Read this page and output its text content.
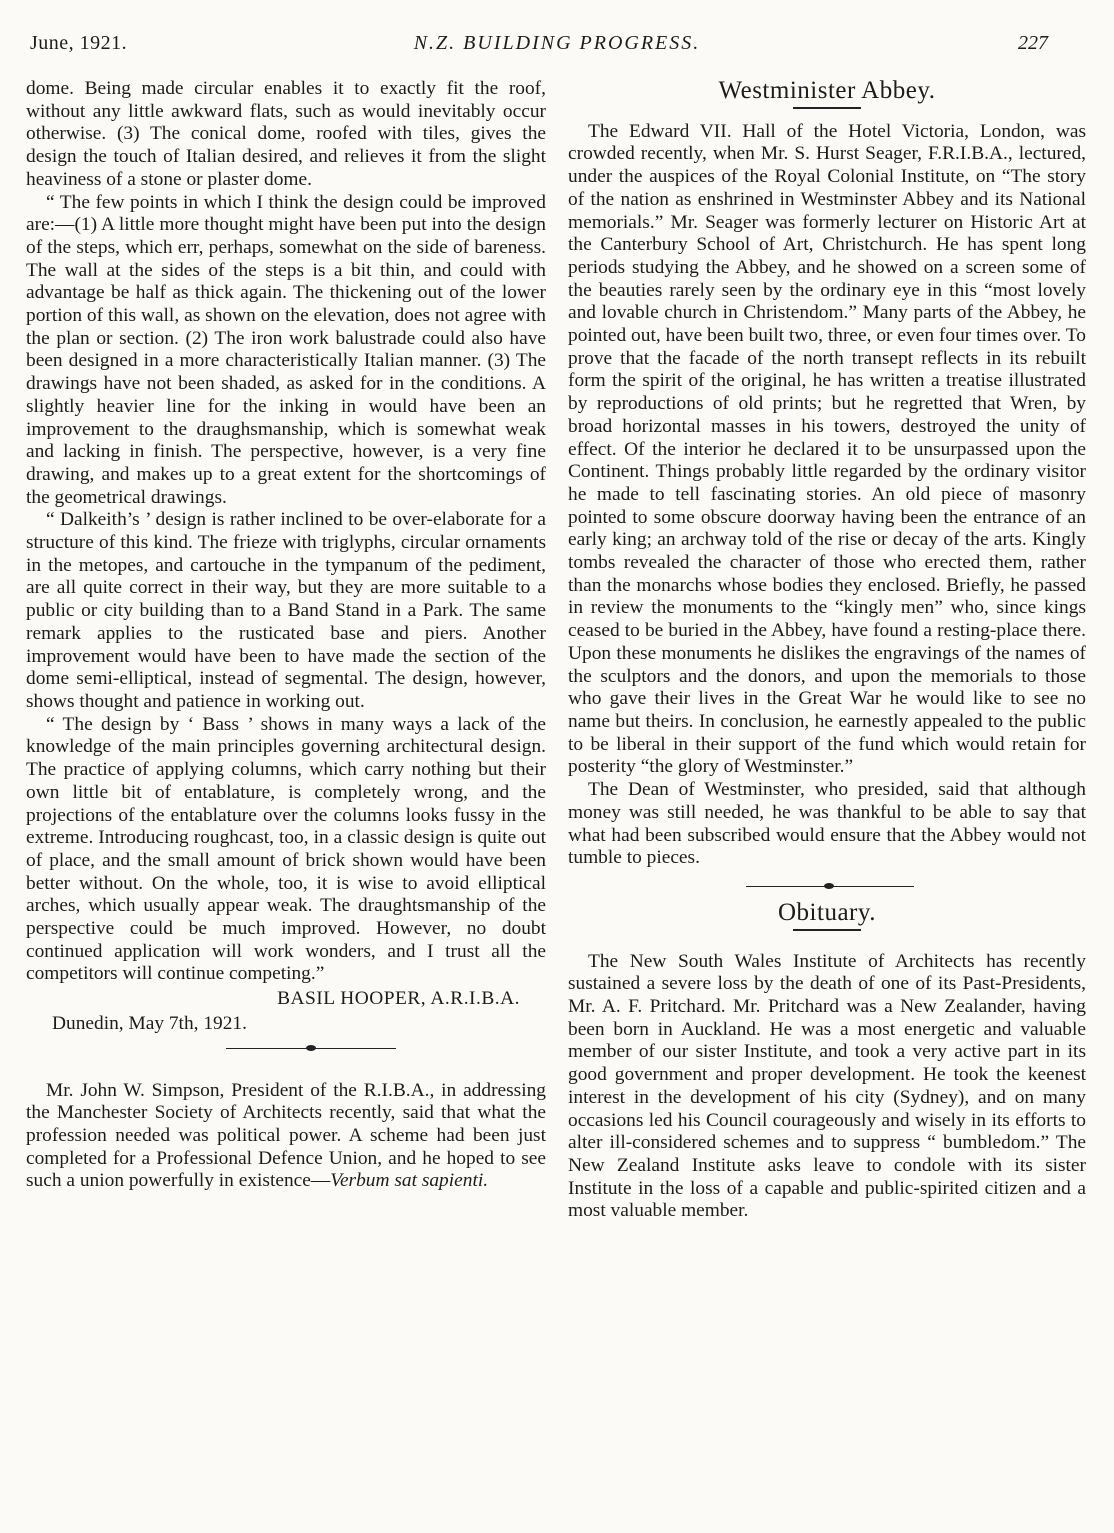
June, 1921.	N.Z. BUILDING PROGRESS.	227

dome. Being made circular enables it to exactly fit the roof, without any little awkward flats, such as would inevitably occur otherwise. (3) The conical dome, roofed with tiles, gives the design the touch of Italian desired, and relieves it from the slight heaviness of a stone or plaster dome.

“ The few points in which I think the design could be improved are:—(1) A little more thought might have been put into the design of the steps, which err, perhaps, somewhat on the side of bareness. The wall at the sides of the steps is a bit thin, and could with advantage be half as thick again. The thickening out of the lower portion of this wall, as shown on the elevation, does not agree with the plan or section. (2) The iron work balustrade could also have been designed in a more characteristically Italian manner. (3) The drawings have not been shaded, as asked for in the conditions. A slightly heavier line for the inking in would have been an improvement to the draughsmanship, which is somewhat weak and lacking in finish. The perspective, however, is a very fine drawing, and makes up to a great extent for the shortcomings of the geometrical drawings.

“ Dalkeith’s ’ design is rather inclined to be over-elaborate for a structure of this kind. The frieze with triglyphs, circular ornaments in the metopes, and cartouche in the tympanum of the pediment, are all quite correct in their way, but they are more suitable to a public or city building than to a Band Stand in a Park. The same remark applies to the rusticated base and piers. Another improvement would have been to have made the section of the dome semi-elliptical, instead of segmental. The design, however, shows thought and patience in working out.

“ The design by ‘ Bass ’ shows in many ways a lack of the knowledge of the main principles governing architectural design. The practice of applying columns, which carry nothing but their own little bit of entablature, is completely wrong, and the projections of the entablature over the columns looks fussy in the extreme. Introducing roughcast, too, in a classic design is quite out of place, and the small amount of brick shown would have been better without. On the whole, too, it is wise to avoid elliptical arches, which usually appear weak. The draughtsmanship of the perspective could be much improved. However, no doubt continued application will work wonders, and I trust all the competitors will continue competing.”

BASIL HOOPER, A.R.I.B.A.
Dunedin, May 7th, 1921.

Mr. John W. Simpson, President of the R.I.B.A., in addressing the Manchester Society of Architects recently, said that what the profession needed was political power. A scheme had been just completed for a Professional Defence Union, and he hoped to see such a union powerfully in existence—Verbum sat sapienti.

Westminister Abbey.

The Edward VII. Hall of the Hotel Victoria, London, was crowded recently, when Mr. S. Hurst Seager, F.R.I.B.A., lectured, under the auspices of the Royal Colonial Institute, on “The story of the nation as enshrined in Westminster Abbey and its National memorials.” Mr. Seager was formerly lecturer on Historic Art at the Canterbury School of Art, Christchurch. He has spent long periods studying the Abbey, and he showed on a screen some of the beauties rarely seen by the ordinary eye in this “most lovely and lovable church in Christendom.” Many parts of the Abbey, he pointed out, have been built two, three, or even four times over. To prove that the facade of the north transept reflects in its rebuilt form the spirit of the original, he has written a treatise illustrated by reproductions of old prints; but he regretted that Wren, by broad horizontal masses in his towers, destroyed the unity of effect. Of the interior he declared it to be unsurpassed upon the Continent. Things probably little regarded by the ordinary visitor he made to tell fascinating stories. An old piece of masonry pointed to some obscure doorway having been the entrance of an early king; an archway told of the rise or decay of the arts. Kingly tombs revealed the character of those who erected them, rather than the monarchs whose bodies they enclosed. Briefly, he passed in review the monuments to the “kingly men” who, since kings ceased to be buried in the Abbey, have found a resting-place there. Upon these monuments he dislikes the engravings of the names of the sculptors and the donors, and upon the memorials to those who gave their lives in the Great War he would like to see no name but theirs. In conclusion, he earnestly appealed to the public to be liberal in their support of the fund which would retain for posterity “the glory of Westminster.”

The Dean of Westminster, who presided, said that although money was still needed, he was thankful to be able to say that what had been subscribed would ensure that the Abbey would not tumble to pieces.

Obituary.

The New South Wales Institute of Architects has recently sustained a severe loss by the death of one of its Past-Presidents, Mr. A. F. Pritchard. Mr. Pritchard was a New Zealander, having been born in Auckland. He was a most energetic and valuable member of our sister Institute, and took a very active part in its good government and proper development. He took the keenest interest in the development of his city (Sydney), and on many occasions led his Council courageously and wisely in its efforts to alter ill-considered schemes and to suppress “ bumbledom.” The New Zealand Institute asks leave to condole with its sister Institute in the loss of a capable and public-spirited citizen and a most valuable member.
